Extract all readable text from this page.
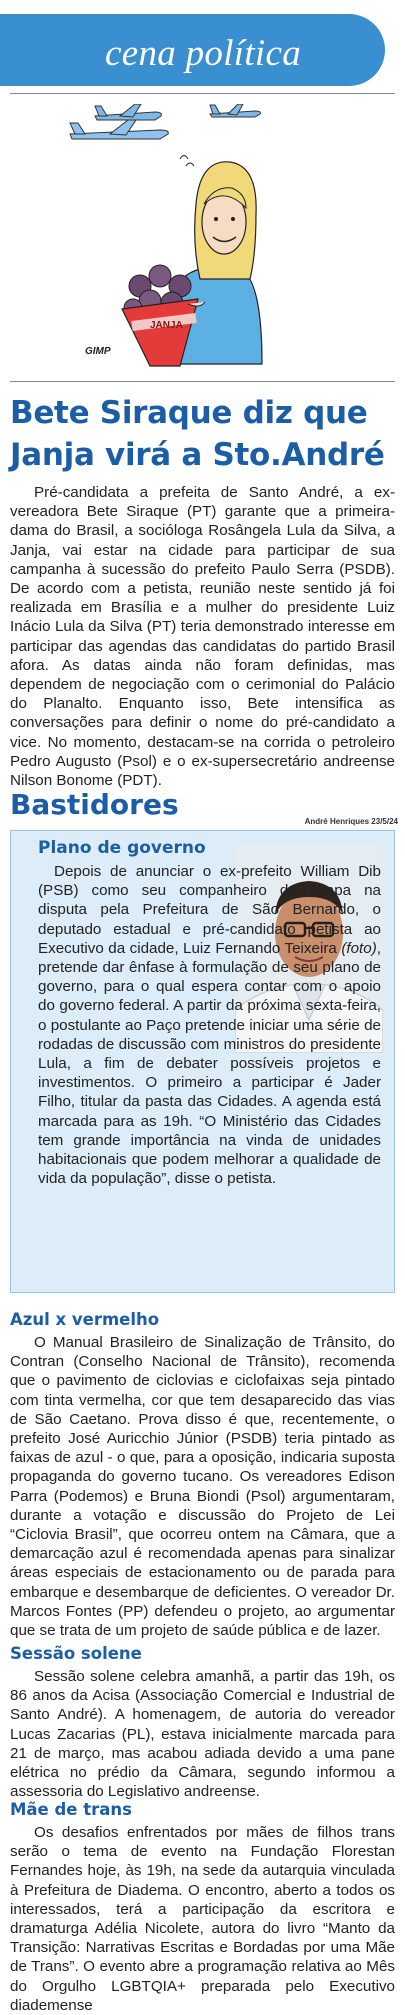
cena política
JANJA
GIMP
Bete Siraque diz que Janja virá a Sto.André

Pré-candidata a prefeita de Santo André, a ex-vereadora Bete Siraque (PT) garante que a primeira-dama do Brasil, a socióloga Rosângela Lula da Silva, a Janja, vai estar na cidade para participar de sua campanha à sucessão do prefeito Paulo Serra (PSDB). De acordo com a petista, reunião neste sentido já foi realizada em Brasília e a mulher do presidente Luiz Inácio Lula da Silva (PT) teria demonstrado interesse em participar das agendas das candidatas do partido Brasil afora. As datas ainda não foram definidas, mas dependem de negociação com o cerimonial do Palácio do Planalto. Enquanto isso, Bete intensifica as conversações para definir o nome do pré-candidato a vice. No momento, destacam-se na corrida o petroleiro Pedro Augusto (Psol) e o ex-supersecretário andreense Nilson Bonome (PDT).

Bastidores
André Henriques 23/5/24
Plano de governo

Depois de anunciar o ex-prefeito William Dib (PSB) como seu companheiro de chapa na disputa pela Prefeitura de São Bernardo, o deputado estadual e pré-candidato petista ao Executivo da cidade, Luiz Fernando Teixeira (foto), pretende dar ênfase à formulação de seu plano de governo, para o qual espera contar com o apoio do governo federal. A partir da próxima sexta-feira, o postulante ao Paço pretende iniciar uma série de rodadas de discussão com ministros do presidente Lula, a fim de debater possíveis projetos e investimentos. O primeiro a participar é Jader Filho, titular da pasta das Cidades. A agenda está marcada para as 19h. “O Ministério das Cidades tem grande importância na vinda de unidades habitacionais que podem melhorar a qualidade de vida da população”, disse o petista.

Azul x vermelho

O Manual Brasileiro de Sinalização de Trânsito, do Contran (Conselho Nacional de Trânsito), recomenda que o pavimento de ciclovias e ciclofaixas seja pintado com tinta vermelha, cor que tem desaparecido das vias de São Caetano. Prova disso é que, recentemente, o prefeito José Auricchio Júnior (PSDB) teria pintado as faixas de azul - o que, para a oposição, indicaria suposta propaganda do governo tucano. Os vereadores Edison Parra (Podemos) e Bruna Biondi (Psol) argumentaram, durante a votação e discussão do Projeto de Lei “Ciclovia Brasil”, que ocorreu ontem na Câmara, que a demarcação azul é recomendada apenas para sinalizar áreas especiais de estacionamento ou de parada para embarque e desembarque de deficientes. O vereador Dr. Marcos Fontes (PP) defendeu o projeto, ao argumentar que se trata de um projeto de saúde pública e de lazer.

Sessão solene

Sessão solene celebra amanhã, a partir das 19h, os 86 anos da Acisa (Associação Comercial e Industrial de Santo André). A homenagem, de autoria do vereador Lucas Zacarias (PL), estava inicialmente marcada para 21 de março, mas acabou adiada devido a uma pane elétrica no prédio da Câmara, segundo informou a assessoria do Legislativo andreense.

Mãe de trans

Os desafios enfrentados por mães de filhos trans serão o tema de evento na Fundação Florestan Fernandes hoje, às 19h, na sede da autarquia vinculada à Prefeitura de Diadema. O encontro, aberto a todos os interessados, terá a participação da escritora e dramaturga Adélia Nicolete, autora do livro “Manto da Transição: Narrativas Escritas e Bordadas por uma Mãe de Trans”. O evento abre a programação relativa ao Mês do Orgulho LGBTQIA+ preparada pelo Executivo diademense
